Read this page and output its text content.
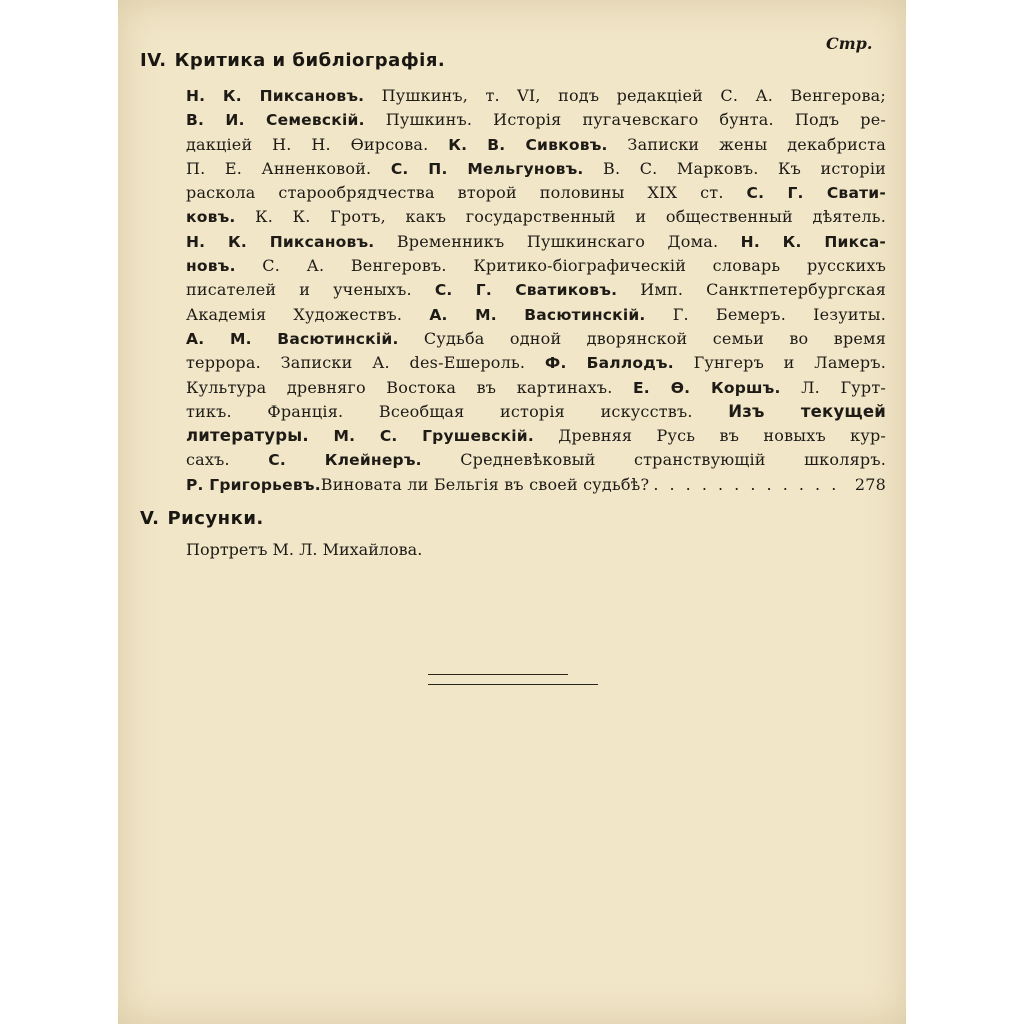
Стр.
IV. Критика и библіографія.
Н. К. Пиксановъ. Пушкинъ, т. VI, подъ редакціей С. А. Венгерова;
В. И. Семевскій. Пушкинъ. Исторія пугачевскаго бунта. Подъ ре-
дакціей Н. Н. Өирсова. К. В. Сивковъ. Записки жены декабриста
П. Е. Анненковой. С. П. Мельгуновъ. В. С. Марковъ. Къ исторіи
раскола старообрядчества второй половины XIX ст. С. Г. Свати-
ковъ. К. К. Гротъ, какъ государственный и общественный дѣятель.
Н. К. Пиксановъ. Временникъ Пушкинскаго Дома. Н. К. Пикса-
новъ. С. А. Венгеровъ. Критико-біографическій словарь русскихъ
писателей и ученыхъ. С. Г. Сватиковъ. Имп. Санктпетербургская
Академія Художествъ. А. М. Васютинскій. Г. Бемеръ. Іезуиты.
А. М. Васютинскій. Судьба одной дворянской семьи во время
террора. Записки А. des-Ешероль. Ф. Баллодъ. Гунгеръ и Ламеръ.
Культура древняго Востока въ картинахъ. Е. Ө. Коршъ. Л. Гурт-
тикъ. Франція. Всеобщая исторія искусствъ. Изъ текущей
литературы. М. С. Грушевскій. Древняя Русь въ новыхъ кур-
сахъ. С. Клейнеръ. Средневѣковый странствующій школяръ.
Р. Григорьевъ. Виновата ли Бельгія въ своей судьбѣ?
. . .	278
V. Рисунки.
Портретъ М. Л. Михайлова.
